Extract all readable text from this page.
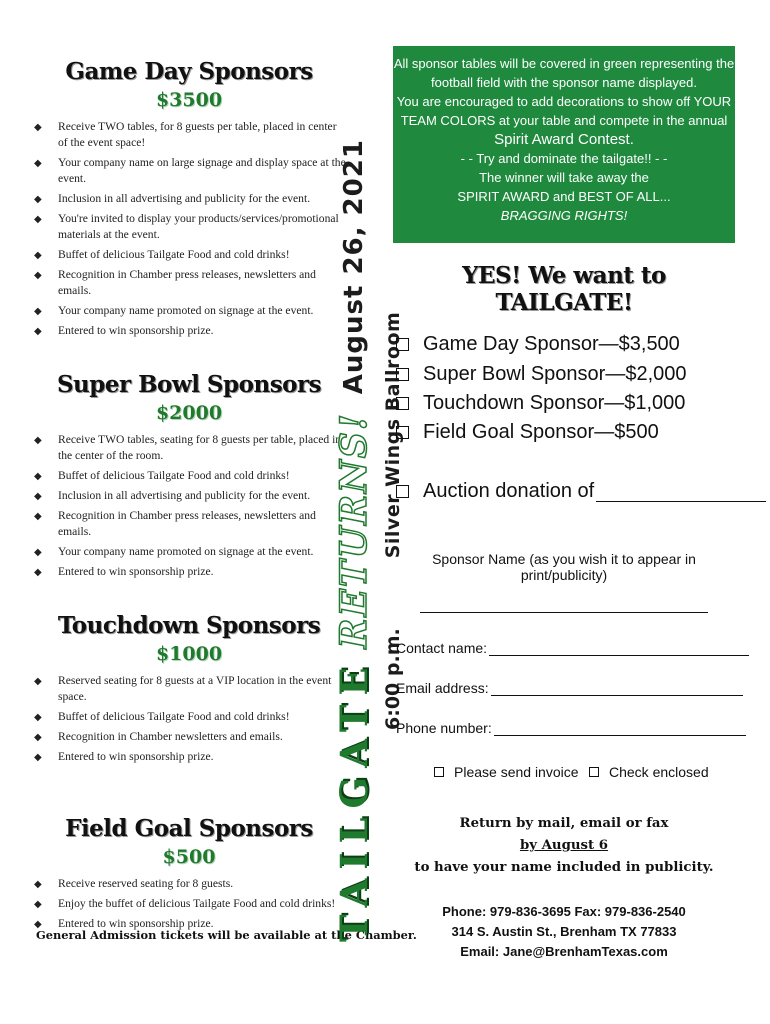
Game Day Sponsors
$3500
◆ Receive TWO tables, for 8 guests per table, placed in center of the event space!
◆ Your company name on large signage and display space at the event.
◆ Inclusion in all advertising and publicity for the event.
◆ You're invited to display your products/services/promotional materials at the event.
◆ Buffet of delicious Tailgate Food and cold drinks!
◆ Recognition in Chamber press releases, newsletters and emails.
◆ Your company name promoted on signage at the event.
◆ Entered to win sponsorship prize.
Super Bowl Sponsors
$2000
◆ Receive TWO tables, seating for 8 guests per table, placed in the center of the room.
◆ Buffet of delicious Tailgate Food and cold drinks!
◆ Inclusion in all advertising and publicity for the event.
◆ Recognition in Chamber press releases, newsletters and emails.
◆ Your company name promoted on signage at the event.
◆ Entered to win sponsorship prize.
Touchdown Sponsors
$1000
◆ Reserved seating for 8 guests at a VIP location in the event space.
◆ Buffet of delicious Tailgate Food and cold drinks!
◆ Recognition in Chamber newsletters and emails.
◆ Entered to win sponsorship prize.
Field Goal Sponsors
$500
◆ Receive reserved seating for 8 guests.
◆ Enjoy the buffet of delicious Tailgate Food and cold drinks!
◆ Entered to win sponsorship prize.
General Admission tickets will be available at the Chamber.
TAILGATE
RETURNS!
August 26, 2021
6:00 p.m.
Silver Wings Ballroom

All sponsor tables will be covered in green representing the

football field with the sponsor name displayed.

You are encouraged to add decorations to show off YOUR

TEAM COLORS at your table and compete in the annual

Spirit Award Contest.

- - Try and dominate the tailgate!! - -

The winner will take away the

SPIRIT AWARD and BEST OF ALL...

BRAGGING RIGHTS!

YES! We want to TAILGATE!
Game Day Sponsor—$3,500
Super Bowl Sponsor—$2,000
Touchdown Sponsor—$1,000
Field Goal Sponsor—$500
Auction donation of
Sponsor Name (as you wish it to appear in print/publicity)
Contact name:
Email address:
Phone number:
Please send invoice Check enclosed
Return by mail, email or fax
by August 6
to have your name included in publicity.
Phone: 979-836-3695 Fax: 979-836-2540
314 S. Austin St., Brenham TX 77833
Email: Jane@BrenhamTexas.com
